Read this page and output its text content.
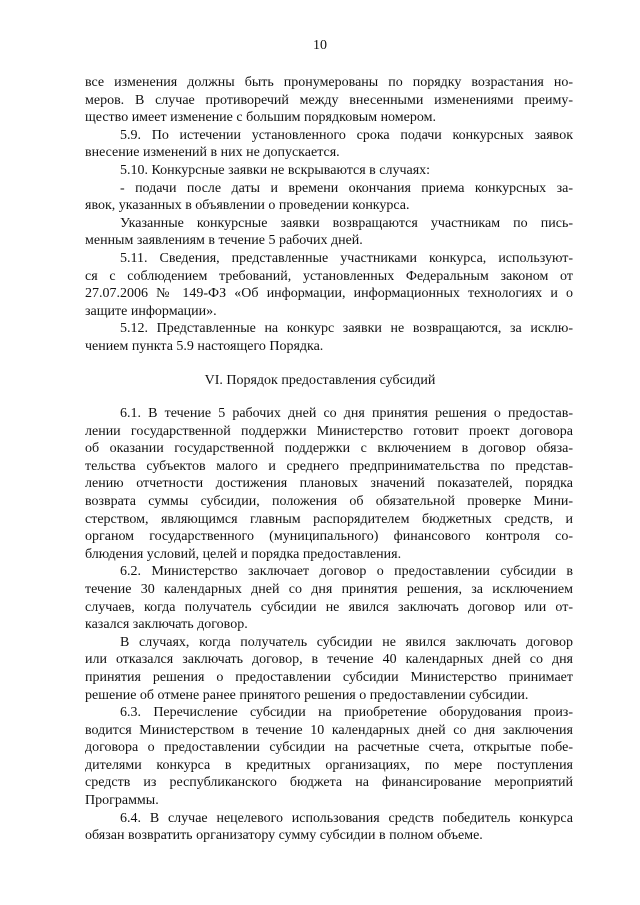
10
все изменения должны быть пронумерованы по порядку возрастания но-
меров. В случае противоречий между внесенными изменениями преиму-
щество имеет изменение с большим порядковым номером.
5.9. По истечении установленного срока подачи конкурсных заявок
внесение изменений в них не допускается.
5.10. Конкурсные заявки не вскрываются в случаях:
- подачи после даты и времени окончания приема конкурсных за-
явок, указанных в объявлении о проведении конкурса.
Указанные конкурсные заявки возвращаются участникам по пись-
менным заявлениям в течение 5 рабочих дней.
5.11. Сведения, представленные участниками конкурса, используют-
ся с соблюдением требований, установленных Федеральным законом от
27.07.2006 № 149-ФЗ «Об информации, информационных технологиях и о
защите информации».
5.12. Представленные на конкурс заявки не возвращаются, за исклю-
чением пункта 5.9 настоящего Порядка.
VI. Порядок предоставления субсидий
6.1. В течение 5 рабочих дней со дня принятия решения о предостав-
лении государственной поддержки Министерство готовит проект договора
об оказании государственной поддержки с включением в договор обяза-
тельства субъектов малого и среднего предпринимательства по представ-
лению отчетности достижения плановых значений показателей, порядка
возврата суммы субсидии, положения об обязательной проверке Мини-
стерством, являющимся главным распорядителем бюджетных средств, и
органом государственного (муниципального) финансового контроля со-
блюдения условий, целей и порядка предоставления.
6.2. Министерство заключает договор о предоставлении субсидии в
течение 30 календарных дней со дня принятия решения, за исключением
случаев, когда получатель субсидии не явился заключать договор или от-
казался заключать договор.
В случаях, когда получатель субсидии не явился заключать договор
или отказался заключать договор, в течение 40 календарных дней со дня
принятия решения о предоставлении субсидии Министерство принимает
решение об отмене ранее принятого решения о предоставлении субсидии.
6.3. Перечисление субсидии на приобретение оборудования произ-
водится Министерством в течение 10 календарных дней со дня заключения
договора о предоставлении субсидии на расчетные счета, открытые побе-
дителями конкурса в кредитных организациях, по мере поступления
средств из республиканского бюджета на финансирование мероприятий
Программы.
6.4. В случае нецелевого использования средств победитель конкурса
обязан возвратить организатору сумму субсидии в полном объеме.
